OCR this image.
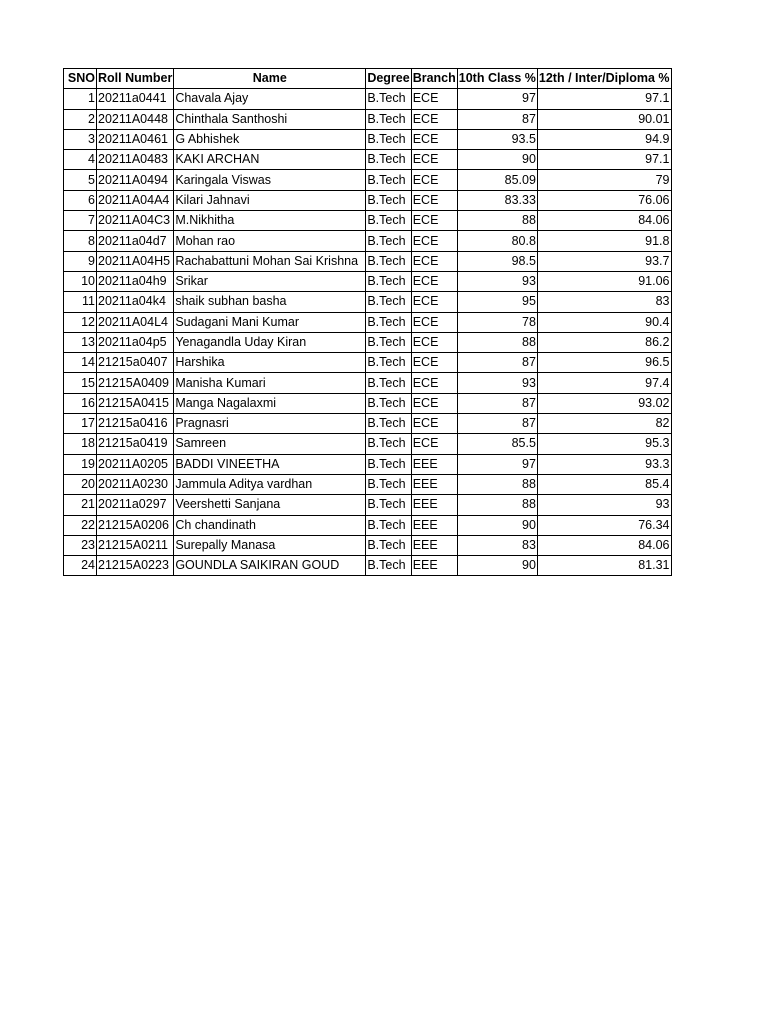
SNO	Roll Number	Name	Degree	Branch	10th Class %	12th / Inter/Diploma %
1	20211a0441	Chavala Ajay	B.Tech	ECE	97	97.1
2	20211A0448	Chinthala Santhoshi	B.Tech	ECE	87	90.01
3	20211A0461	G Abhishek	B.Tech	ECE	93.5	94.9
4	20211A0483	KAKI ARCHAN	B.Tech	ECE	90	97.1
5	20211A0494	Karingala Viswas	B.Tech	ECE	85.09	79
6	20211A04A4	Kilari Jahnavi	B.Tech	ECE	83.33	76.06
7	20211A04C3	M.Nikhitha	B.Tech	ECE	88	84.06
8	20211a04d7	Mohan rao	B.Tech	ECE	80.8	91.8
9	20211A04H5	Rachabattuni Mohan Sai Krishna	B.Tech	ECE	98.5	93.7
10	20211a04h9	Srikar	B.Tech	ECE	93	91.06
11	20211a04k4	shaik subhan basha	B.Tech	ECE	95	83
12	20211A04L4	Sudagani Mani Kumar	B.Tech	ECE	78	90.4
13	20211a04p5	Yenagandla Uday Kiran	B.Tech	ECE	88	86.2
14	21215a0407	Harshika	B.Tech	ECE	87	96.5
15	21215A0409	Manisha Kumari	B.Tech	ECE	93	97.4
16	21215A0415	Manga Nagalaxmi	B.Tech	ECE	87	93.02
17	21215a0416	Pragnasri	B.Tech	ECE	87	82
18	21215a0419	Samreen	B.Tech	ECE	85.5	95.3
19	20211A0205	BADDI VINEETHA	B.Tech	EEE	97	93.3
20	20211A0230	Jammula Aditya vardhan	B.Tech	EEE	88	85.4
21	20211a0297	Veershetti Sanjana	B.Tech	EEE	88	93
22	21215A0206	Ch chandinath	B.Tech	EEE	90	76.34
23	21215A0211	Surepally Manasa	B.Tech	EEE	83	84.06
24	21215A0223	GOUNDLA SAIKIRAN GOUD	B.Tech	EEE	90	81.31
